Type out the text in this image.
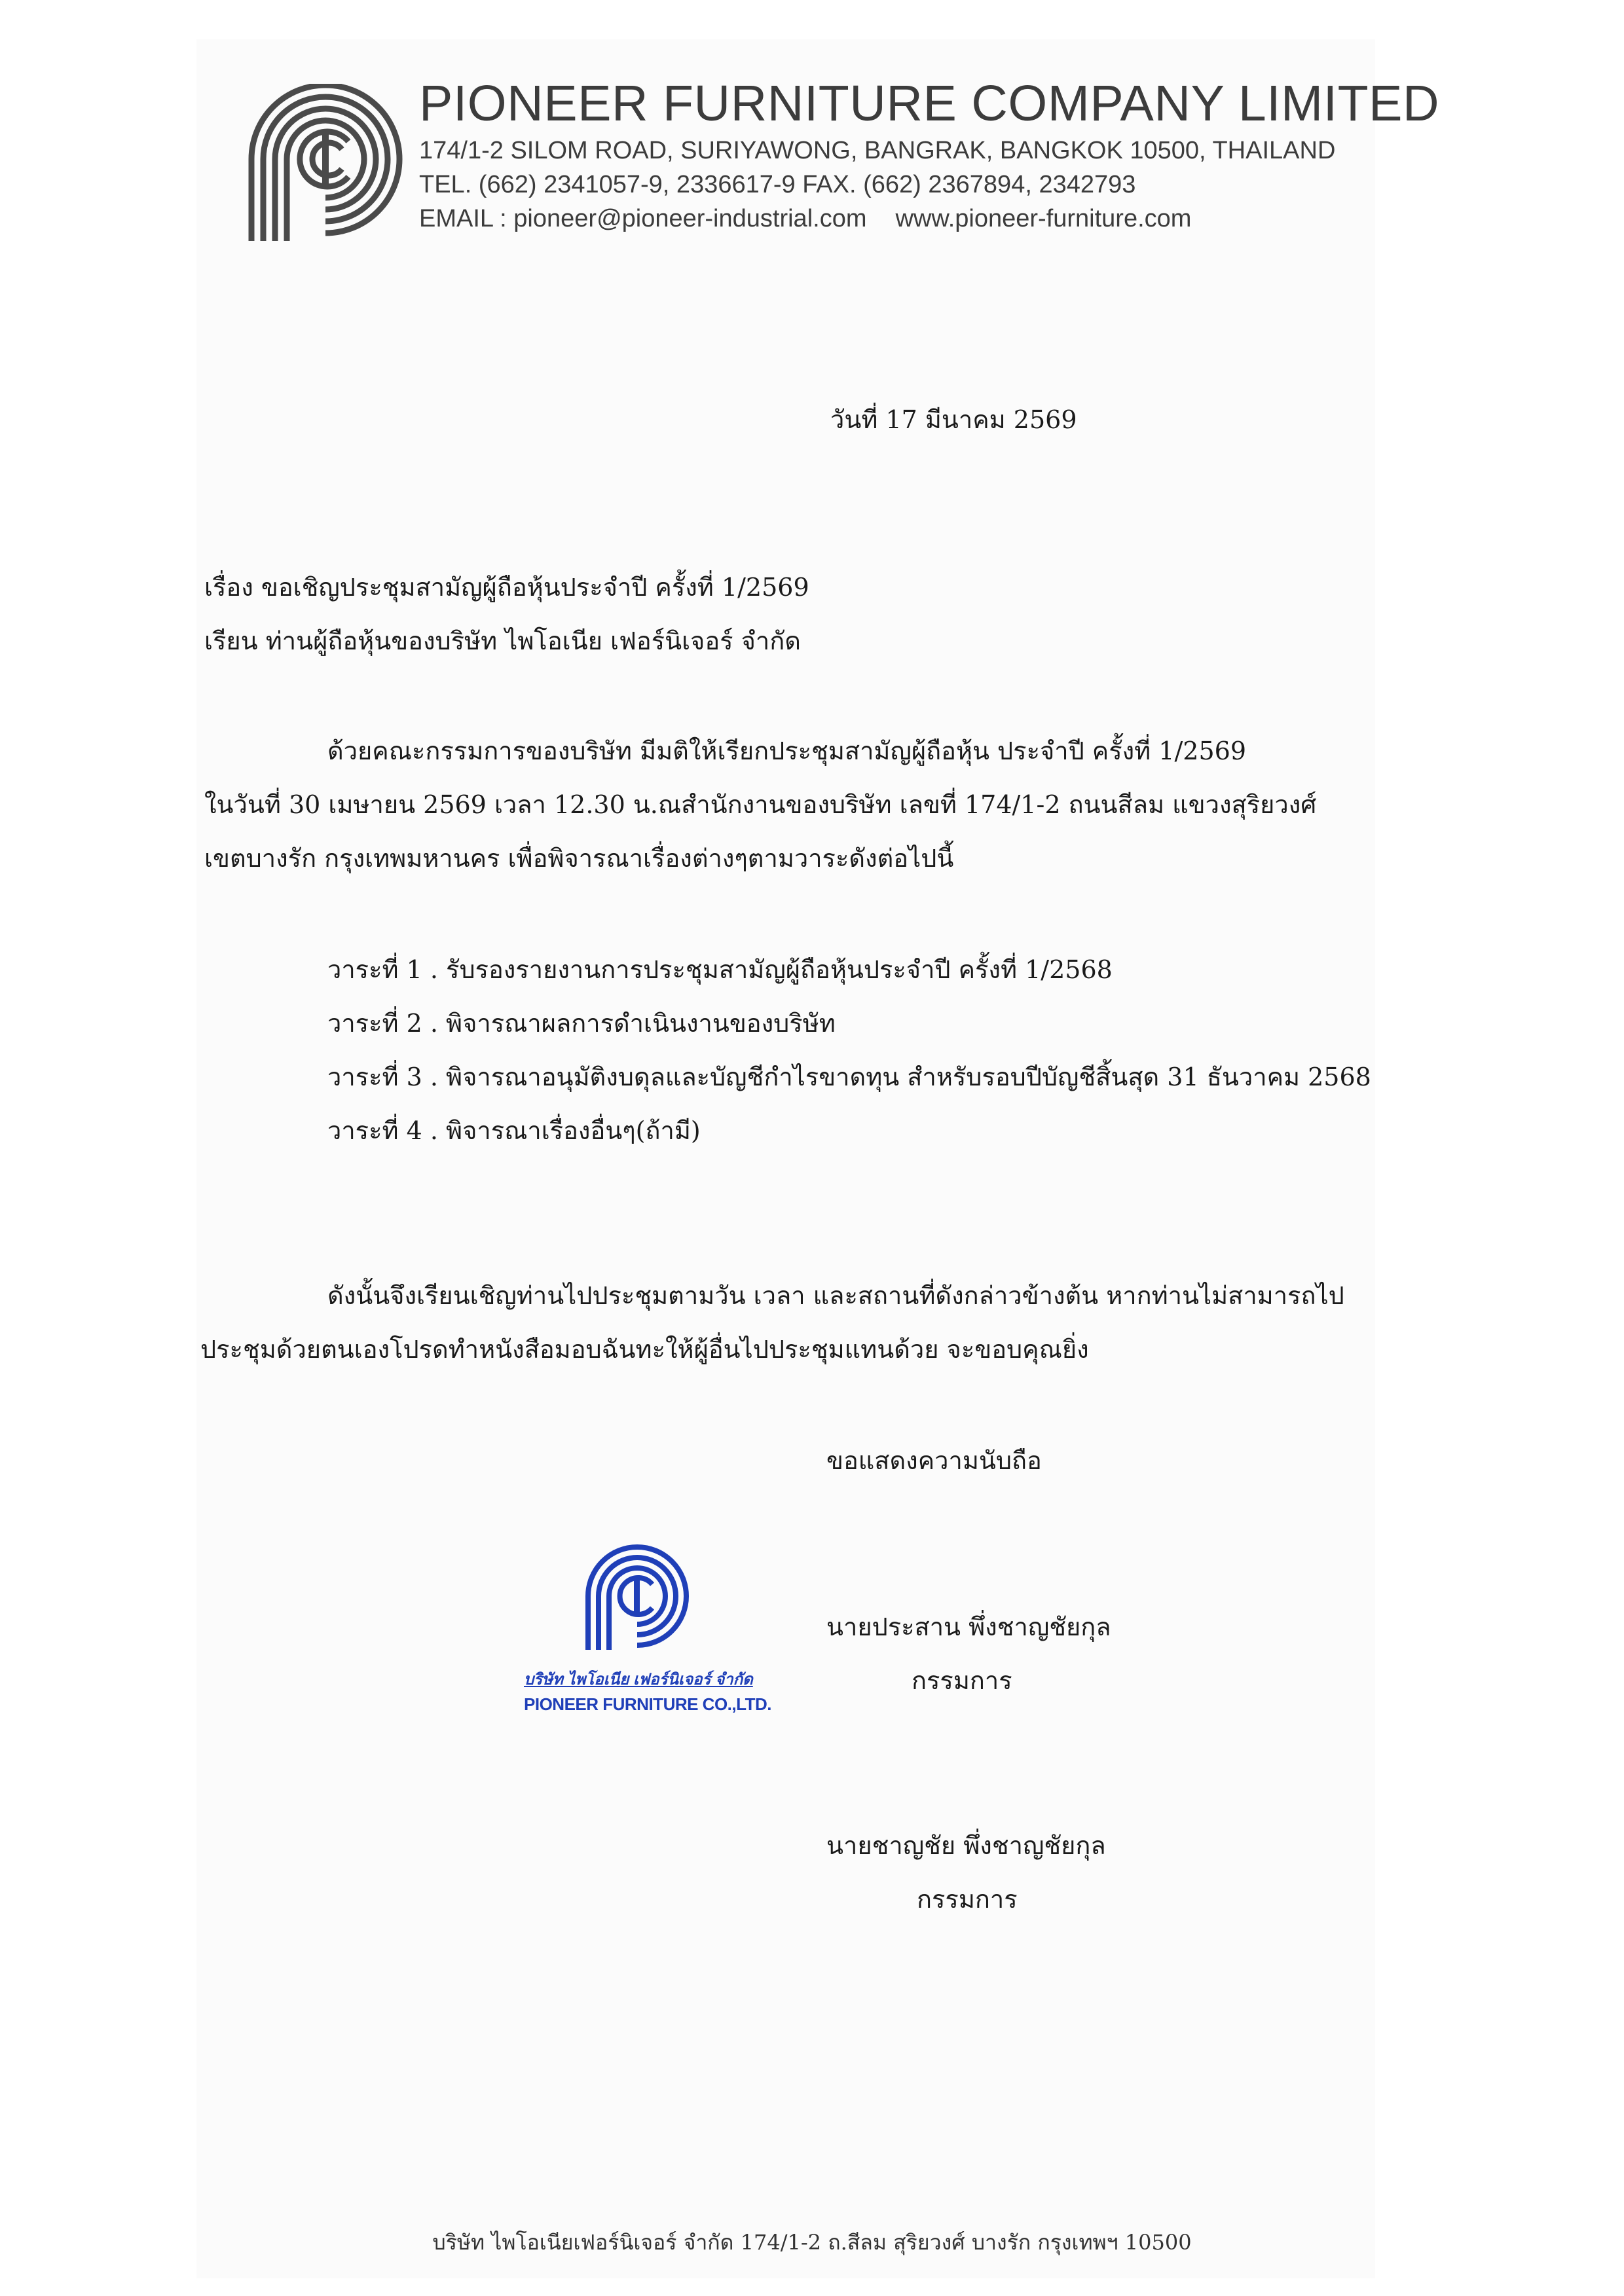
PIONEER FURNITURE COMPANY LIMITED
174/1-2 SILOM ROAD, SURIYAWONG, BANGRAK, BANGKOK 10500, THAILAND
TEL. (662) 2341057-9, 2336617-9 FAX. (662) 2367894, 2342793
EMAIL : pioneer@pioneer-industrial.com www.pioneer-furniture.com
วันที่ 17 มีนาคม 2569
เรื่อง ขอเชิญประชุมสามัญผู้ถือหุ้นประจำปี ครั้งที่ 1/2569
เรียน ท่านผู้ถือหุ้นของบริษัท ไพโอเนีย เฟอร์นิเจอร์ จำกัด
ด้วยคณะกรรมการของบริษัท มีมติให้เรียกประชุมสามัญผู้ถือหุ้น ประจำปี ครั้งที่ 1/2569
ในวันที่ 30 เมษายน 2569 เวลา 12.30 น.ณสำนักงานของบริษัท เลขที่ 174/1-2 ถนนสีลม แขวงสุริยวงศ์
เขตบางรัก กรุงเทพมหานคร เพื่อพิจารณาเรื่องต่างๆตามวาระดังต่อไปนี้
วาระที่ 1 . รับรองรายงานการประชุมสามัญผู้ถือหุ้นประจำปี ครั้งที่ 1/2568
วาระที่ 2 . พิจารณาผลการดำเนินงานของบริษัท
วาระที่ 3 . พิจารณาอนุมัติงบดุลและบัญชีกำไรขาดทุน สำหรับรอบปีบัญชีสิ้นสุด 31 ธันวาคม 2568
วาระที่ 4 . พิจารณาเรื่องอื่นๆ(ถ้ามี)
ดังนั้นจึงเรียนเชิญท่านไปประชุมตามวัน เวลา และสถานที่ดังกล่าวข้างต้น หากท่านไม่สามารถไป
ประชุมด้วยตนเองโปรดทำหนังสือมอบฉันทะให้ผู้อื่นไปประชุมแทนด้วย จะขอบคุณยิ่ง
ขอแสดงความนับถือ
บริษัท ไพโอเนีย เฟอร์นิเจอร์ จำกัด
PIONEER FURNITURE CO.,LTD.
นายประสาน พึ่งชาญชัยกุล
กรรมการ
นายชาญชัย พึ่งชาญชัยกุล
กรรมการ
บริษัท ไพโอเนียเฟอร์นิเจอร์ จำกัด 174/1-2 ถ.สีลม สุริยวงศ์ บางรัก กรุงเทพฯ 10500
